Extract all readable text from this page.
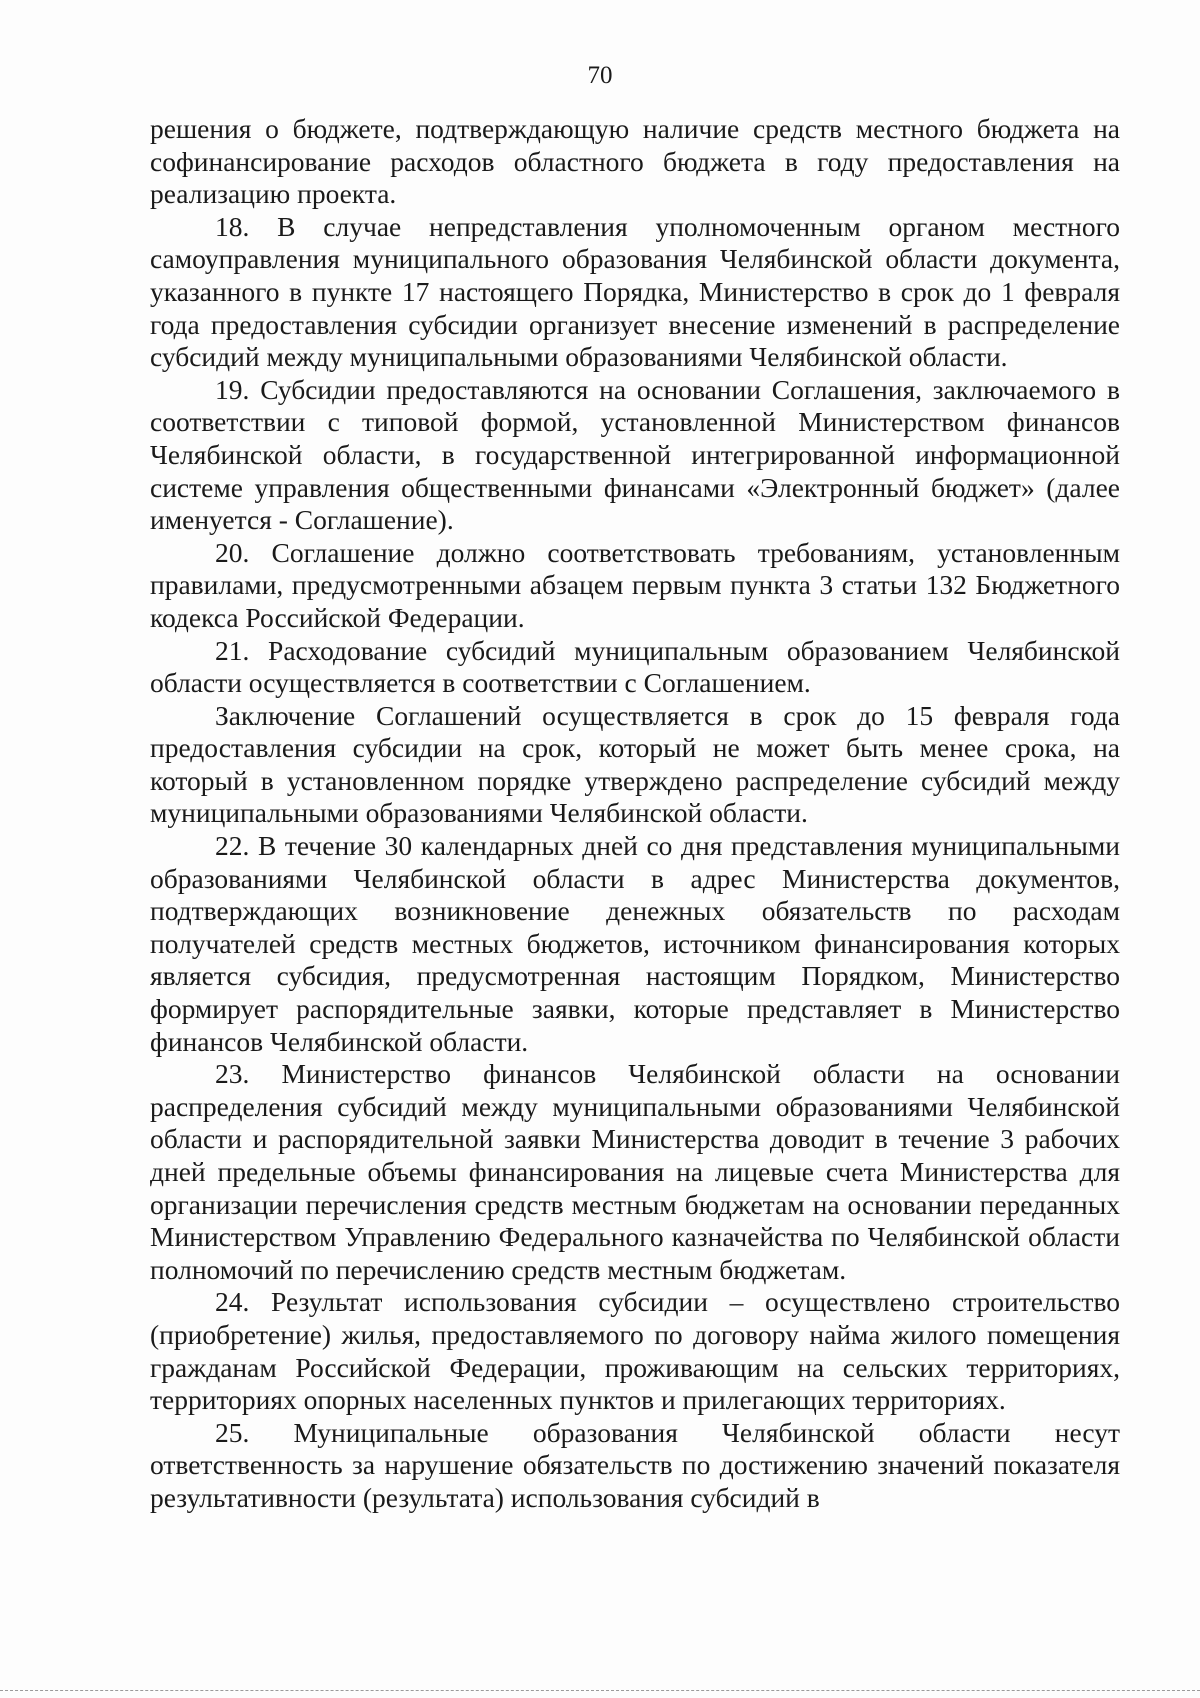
70

решения о бюджете, подтверждающую наличие средств местного бюджета на софинансирование расходов областного бюджета в году предоставления на реализацию проекта.

18. В случае непредставления уполномоченным органом местного самоуправления муниципального образования Челябинской области документа, указанного в пункте 17 настоящего Порядка, Министерство в срок до 1 февраля года предоставления субсидии организует внесение изменений в распределение субсидий между муниципальными образованиями Челябинской области.

19. Субсидии предоставляются на основании Соглашения, заключаемого в соответствии с типовой формой, установленной Министерством финансов Челябинской области, в государственной интегрированной информационной системе управления общественными финансами «Электронный бюджет» (далее именуется - Соглашение).

20. Соглашение должно соответствовать требованиям, установленным правилами, предусмотренными абзацем первым пункта 3 статьи 132 Бюджетного кодекса Российской Федерации.

21. Расходование субсидий муниципальным образованием Челябинской области осуществляется в соответствии с Соглашением.

Заключение Соглашений осуществляется в срок до 15 февраля года предоставления субсидии на срок, который не может быть менее срока, на который в установленном порядке утверждено распределение субсидий между муниципальными образованиями Челябинской области.

22. В течение 30 календарных дней со дня представления муниципальными образованиями Челябинской области в адрес Министерства документов, подтверждающих возникновение денежных обязательств по расходам получателей средств местных бюджетов, источником финансирования которых является субсидия, предусмотренная настоящим Порядком, Министерство формирует распорядительные заявки, которые представляет в Министерство финансов Челябинской области.

23. Министерство финансов Челябинской области на основании распределения субсидий между муниципальными образованиями Челябинской области и распорядительной заявки Министерства доводит в течение 3 рабочих дней предельные объемы финансирования на лицевые счета Министерства для организации перечисления средств местным бюджетам на основании переданных Министерством Управлению Федерального казначейства по Челябинской области полномочий по перечислению средств местным бюджетам.

24. Результат использования субсидии – осуществлено строительство (приобретение) жилья, предоставляемого по договору найма жилого помещения гражданам Российской Федерации, проживающим на сельских территориях, территориях опорных населенных пунктов и прилегающих территориях.

25. Муниципальные образования Челябинской области несут ответственность за нарушение обязательств по достижению значений показателя результативности (результата) использования субсидий в
